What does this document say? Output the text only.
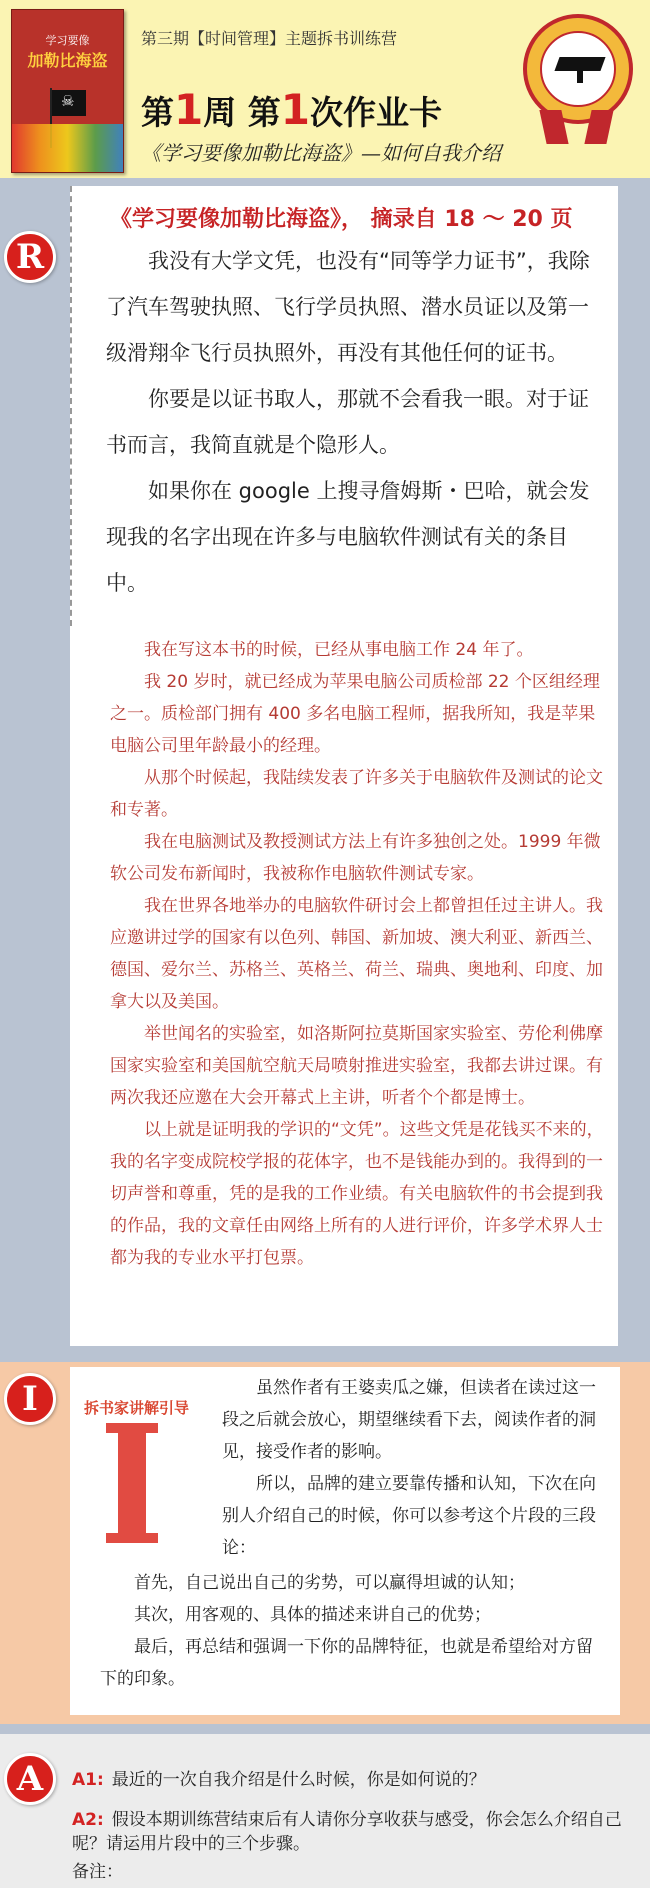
学习要像
加勒比海盗
☠
第三期【时间管理】主题拆书训练营
第1周 第1次作业卡
《学习要像加勒比海盗》—如何自我介绍
R
《学习要像加勒比海盗》， 摘录自 18 ～ 20 页

我没有大学文凭，也没有“同等学力证书”，我除了汽车驾驶执照、飞行学员执照、潜水员证以及第一级滑翔伞飞行员执照外，再没有其他任何的证书。

你要是以证书取人，那就不会看我一眼。对于证书而言，我简直就是个隐形人。

如果你在 google 上搜寻詹姆斯・巴哈，就会发现我的名字出现在许多与电脑软件测试有关的条目中。

我在写这本书的时候，已经从事电脑工作 24 年了。

我 20 岁时，就已经成为苹果电脑公司质检部 22 个区组经理之一。质检部门拥有 400 多名电脑工程师，据我所知，我是苹果电脑公司里年龄最小的经理。

从那个时候起，我陆续发表了许多关于电脑软件及测试的论文和专著。

我在电脑测试及教授测试方法上有许多独创之处。1999 年微软公司发布新闻时，我被称作电脑软件测试专家。

我在世界各地举办的电脑软件研讨会上都曾担任过主讲人。我应邀讲过学的国家有以色列、韩国、新加坡、澳大利亚、新西兰、德国、爱尔兰、苏格兰、英格兰、荷兰、瑞典、奥地利、印度、加拿大以及美国。

举世闻名的实验室，如洛斯阿拉莫斯国家实验室、劳伦利佛摩国家实验室和美国航空航天局喷射推进实验室，我都去讲过课。有两次我还应邀在大会开幕式上主讲，听者个个都是博士。

以上就是证明我的学识的“文凭”。这些文凭是花钱买不来的，我的名字变成院校学报的花体字，也不是钱能办到的。我得到的一切声誉和尊重，凭的是我的工作业绩。有关电脑软件的书会提到我的作品，我的文章任由网络上所有的人进行评价，许多学术界人士都为我的专业水平打包票。

I	拆书家讲解引导

虽然作者有王婆卖瓜之嫌，但读者在读过这一段之后就会放心，期望继续看下去，阅读作者的洞见，接受作者的影响。

所以，品牌的建立要靠传播和认知，下次在向别人介绍自己的时候，你可以参考这个片段的三段论：

首先，自己说出自己的劣势，可以赢得坦诚的认知；

其次，用客观的、具体的描述来讲自己的优势；

最后，再总结和强调一下你的品牌特征，也就是希望给对方留下的印象。

A	A1: 最近的一次自我介绍是什么时候，你是如何说的？
A2: 假设本期训练营结束后有人请你分享收获与感受，你会怎么介绍自己呢？请运用片段中的三个步骤。
备注：
